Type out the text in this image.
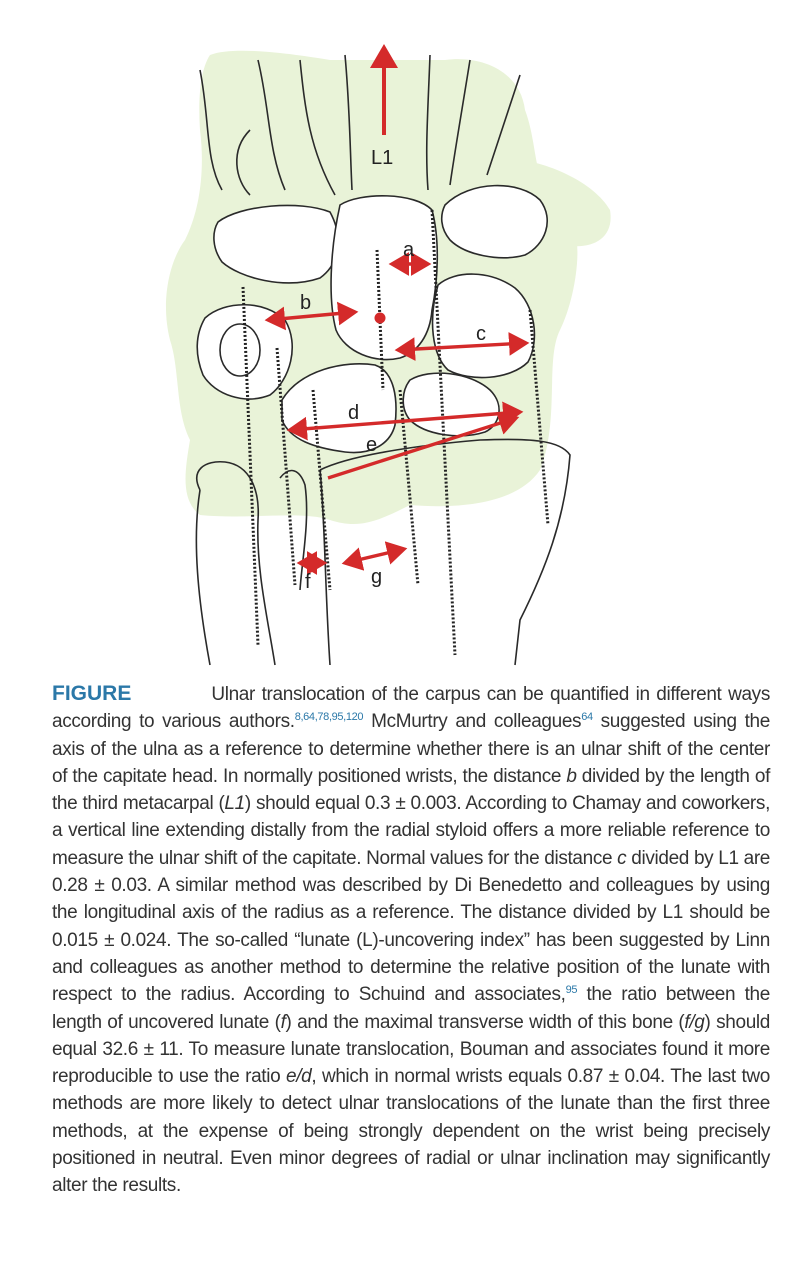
L1
a
b
c
d
e
f	g
FIGURE	Ulnar translocation of the carpus can be quantified in different ways according to various authors.$^{8,64,78,95,120}$ McMurtry and colleagues$^{64}$ suggested using the axis of the ulna as a reference to determine whether there is an ulnar shift of the center of the capitate head. In normally positioned wrists, the distance b divided by the length of the third metacarpal (L1) should equal 0.3 ± 0.003. According to Chamay and coworkers, a vertical line extending distally from the radial styloid offers a more reliable reference to measure the ulnar shift of the capitate. Normal values for the distance c divided by L1 are 0.28 ± 0.03. A similar method was described by Di Benedetto and colleagues by using the longitudinal axis of the radius as a reference. The distance divided by L1 should be 0.015 ± 0.024. The so-called “lunate (L)-uncovering index” has been suggested by Linn and colleagues as another method to determine the relative position of the lunate with respect to the radius. According to Schuind and associates,$^{95}$ the ratio between the length of uncovered lunate (f) and the maximal transverse width of this bone (f/g) should equal 32.6 ± 11. To measure lunate translocation, Bouman and associates found it more reproducible to use the ratio e/d, which in normal wrists equals 0.87 ± 0.04. The last two methods are more likely to detect ulnar translocations of the lunate than the first three methods, at the expense of being strongly dependent on the wrist being precisely positioned in neutral. Even minor degrees of radial or ulnar inclination may significantly alter the results.
